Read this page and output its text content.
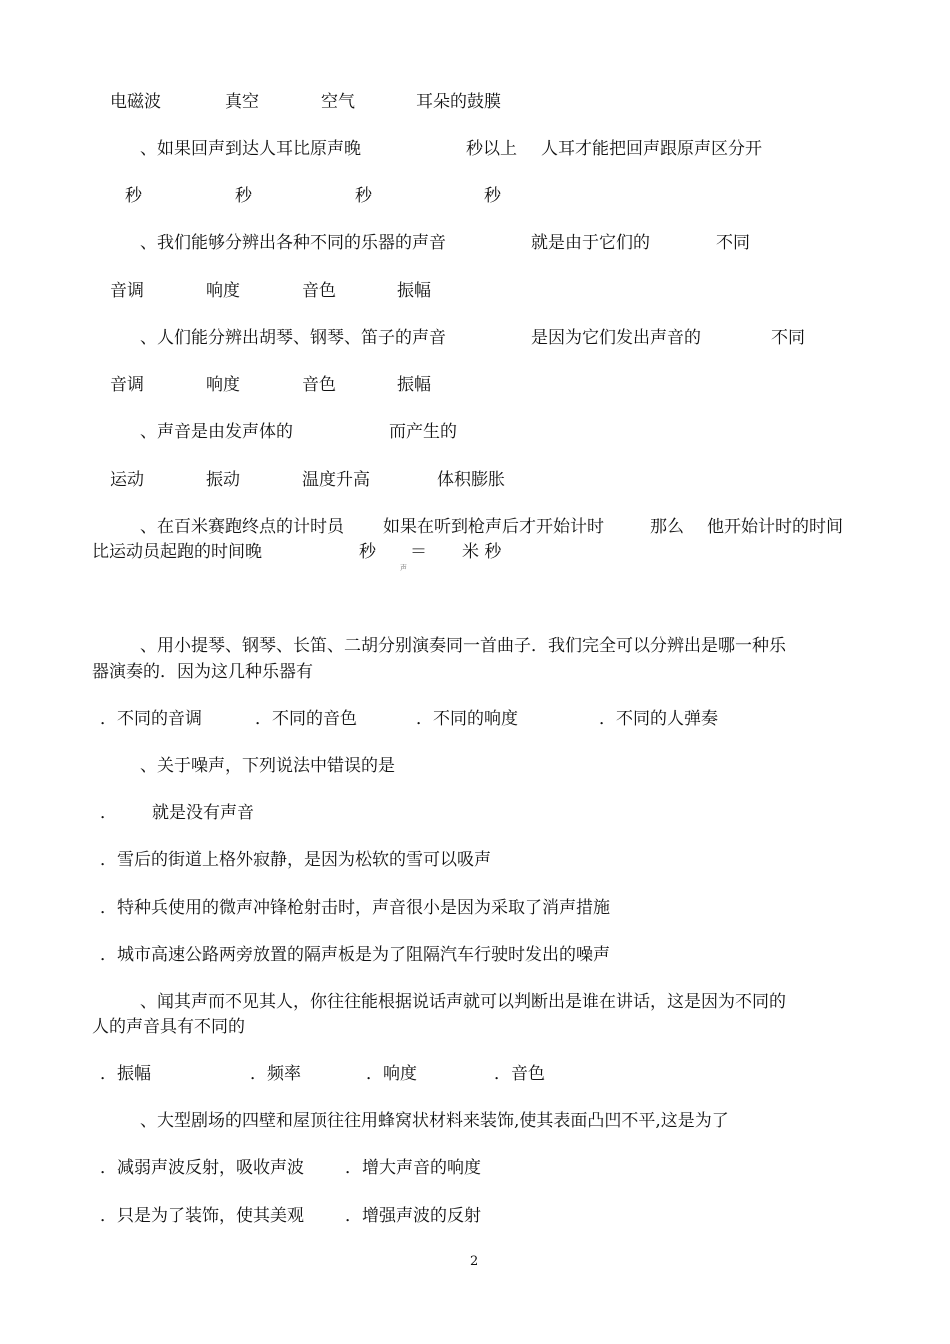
电磁波	真空	空气	耳朵的鼓膜
、如果回声到达人耳比原声晚	秒以上 人耳才能把回声跟原声区分开
秒	秒	秒	秒
、我们能够分辨出各种不同的乐器的声音	就是由于它们的	不同
音调	响度	音色	振幅
、人们能分辨出胡琴、钢琴、笛子的声音	是因为它们发出声音的	不同
音调	响度	音色	振幅
、声音是由发声体的	而产生的
运动	振动	温度升高	体积膨胀
、在百米赛跑终点的计时员 如果在听到枪声后才开始计时	那么 他开始计时的时间
比运动员起跑的时间晚	秒 ＝ 米 秒
声
、用小提琴、钢琴、长笛、二胡分别演奏同一首曲子．我们完全可以分辨出是哪一种乐
器演奏的．因为这几种乐器有
．不同的音调	．不同的音色	．不同的响度	．不同的人弹奏
、关于噪声，下列说法中错误的是
． 就是没有声音
．雪后的街道上格外寂静，是因为松软的雪可以吸声
．特种兵使用的微声冲锋枪射击时，声音很小是因为采取了消声措施
．城市高速公路两旁放置的隔声板是为了阻隔汽车行驶时发出的噪声
、闻其声而不见其人，你往往能根据说话声就可以判断出是谁在讲话，这是因为不同的
人的声音具有不同的
．振幅	．频率	．响度	．音色
、大型剧场的四壁和屋顶往往用蜂窝状材料来装饰,使其表面凸凹不平,这是为了
．减弱声波反射，吸收声波 ．增大声音的响度
．只是为了装饰，使其美观 ．增强声波的反射
2
